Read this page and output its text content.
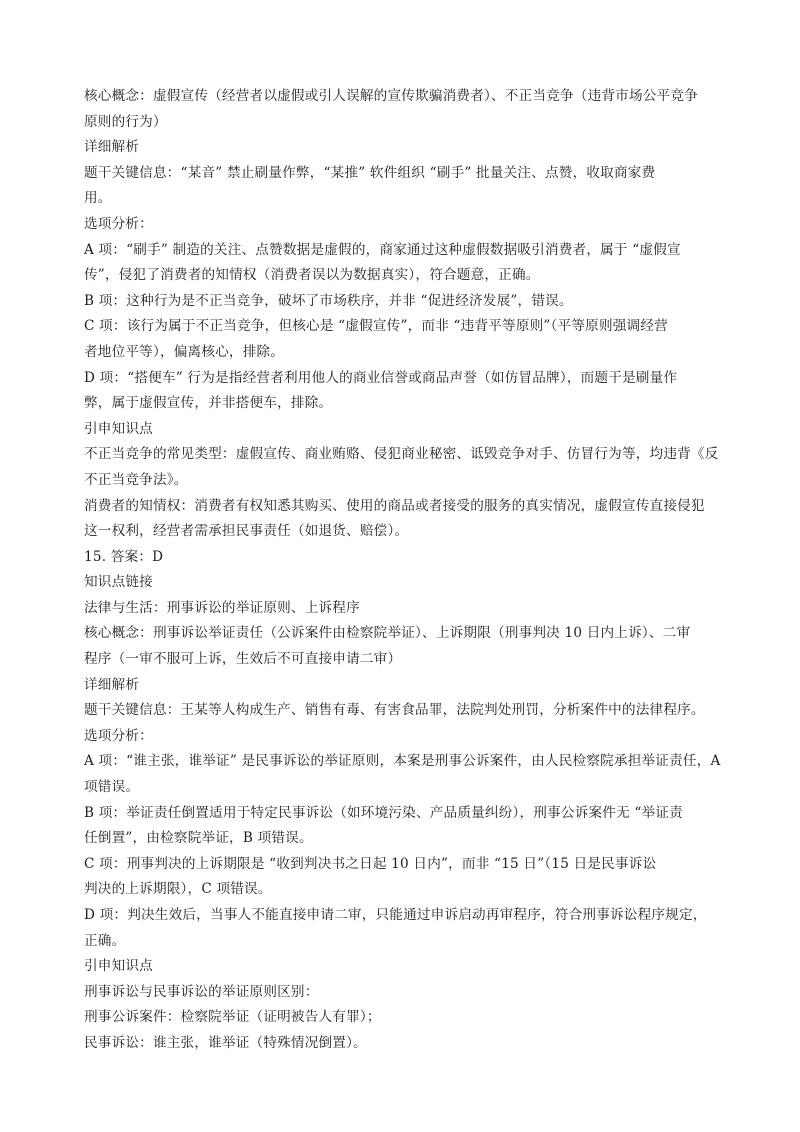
核心概念：虚假宣传（经营者以虚假或引人误解的宣传欺骗消费者）、不正当竞争（违背市场公平竞争
原则的行为）
详细解析
题干关键信息：“某音” 禁止刷量作弊，“某推” 软件组织 “刷手” 批量关注、点赞，收取商家费
用。
选项分析：
A 项：“刷手” 制造的关注、点赞数据是虚假的，商家通过这种虚假数据吸引消费者，属于 “虚假宣
传”，侵犯了消费者的知情权（消费者误以为数据真实），符合题意，正确。
B 项：这种行为是不正当竞争，破坏了市场秩序，并非 “促进经济发展”，错误。
C 项：该行为属于不正当竞争，但核心是 “虚假宣传”，而非 “违背平等原则”（平等原则强调经营
者地位平等），偏离核心，排除。
D 项：“搭便车” 行为是指经营者利用他人的商业信誉或商品声誉（如仿冒品牌），而题干是刷量作
弊，属于虚假宣传，并非搭便车，排除。
引申知识点
不正当竞争的常见类型：虚假宣传、商业贿赂、侵犯商业秘密、诋毁竞争对手、仿冒行为等，均违背《反
不正当竞争法》。
消费者的知情权：消费者有权知悉其购买、使用的商品或者接受的服务的真实情况，虚假宣传直接侵犯
这一权利，经营者需承担民事责任（如退货、赔偿）。
15. 答案：D
知识点链接
法律与生活：刑事诉讼的举证原则、上诉程序
核心概念：刑事诉讼举证责任（公诉案件由检察院举证）、上诉期限（刑事判决 10 日内上诉）、二审
程序（一审不服可上诉，生效后不可直接申请二审）
详细解析
题干关键信息：王某等人构成生产、销售有毒、有害食品罪，法院判处刑罚，分析案件中的法律程序。
选项分析：
A 项：“谁主张，谁举证” 是民事诉讼的举证原则，本案是刑事公诉案件，由人民检察院承担举证责任，A
项错误。
B 项：举证责任倒置适用于特定民事诉讼（如环境污染、产品质量纠纷），刑事公诉案件无 “举证责
任倒置”，由检察院举证，B 项错误。
C 项：刑事判决的上诉期限是 “收到判决书之日起 10 日内”，而非 “15 日”（15 日是民事诉讼
判决的上诉期限），C 项错误。
D 项：判决生效后，当事人不能直接申请二审，只能通过申诉启动再审程序，符合刑事诉讼程序规定，
正确。
引申知识点
刑事诉讼与民事诉讼的举证原则区别：
刑事公诉案件：检察院举证（证明被告人有罪）；
民事诉讼：谁主张，谁举证（特殊情况倒置）。
